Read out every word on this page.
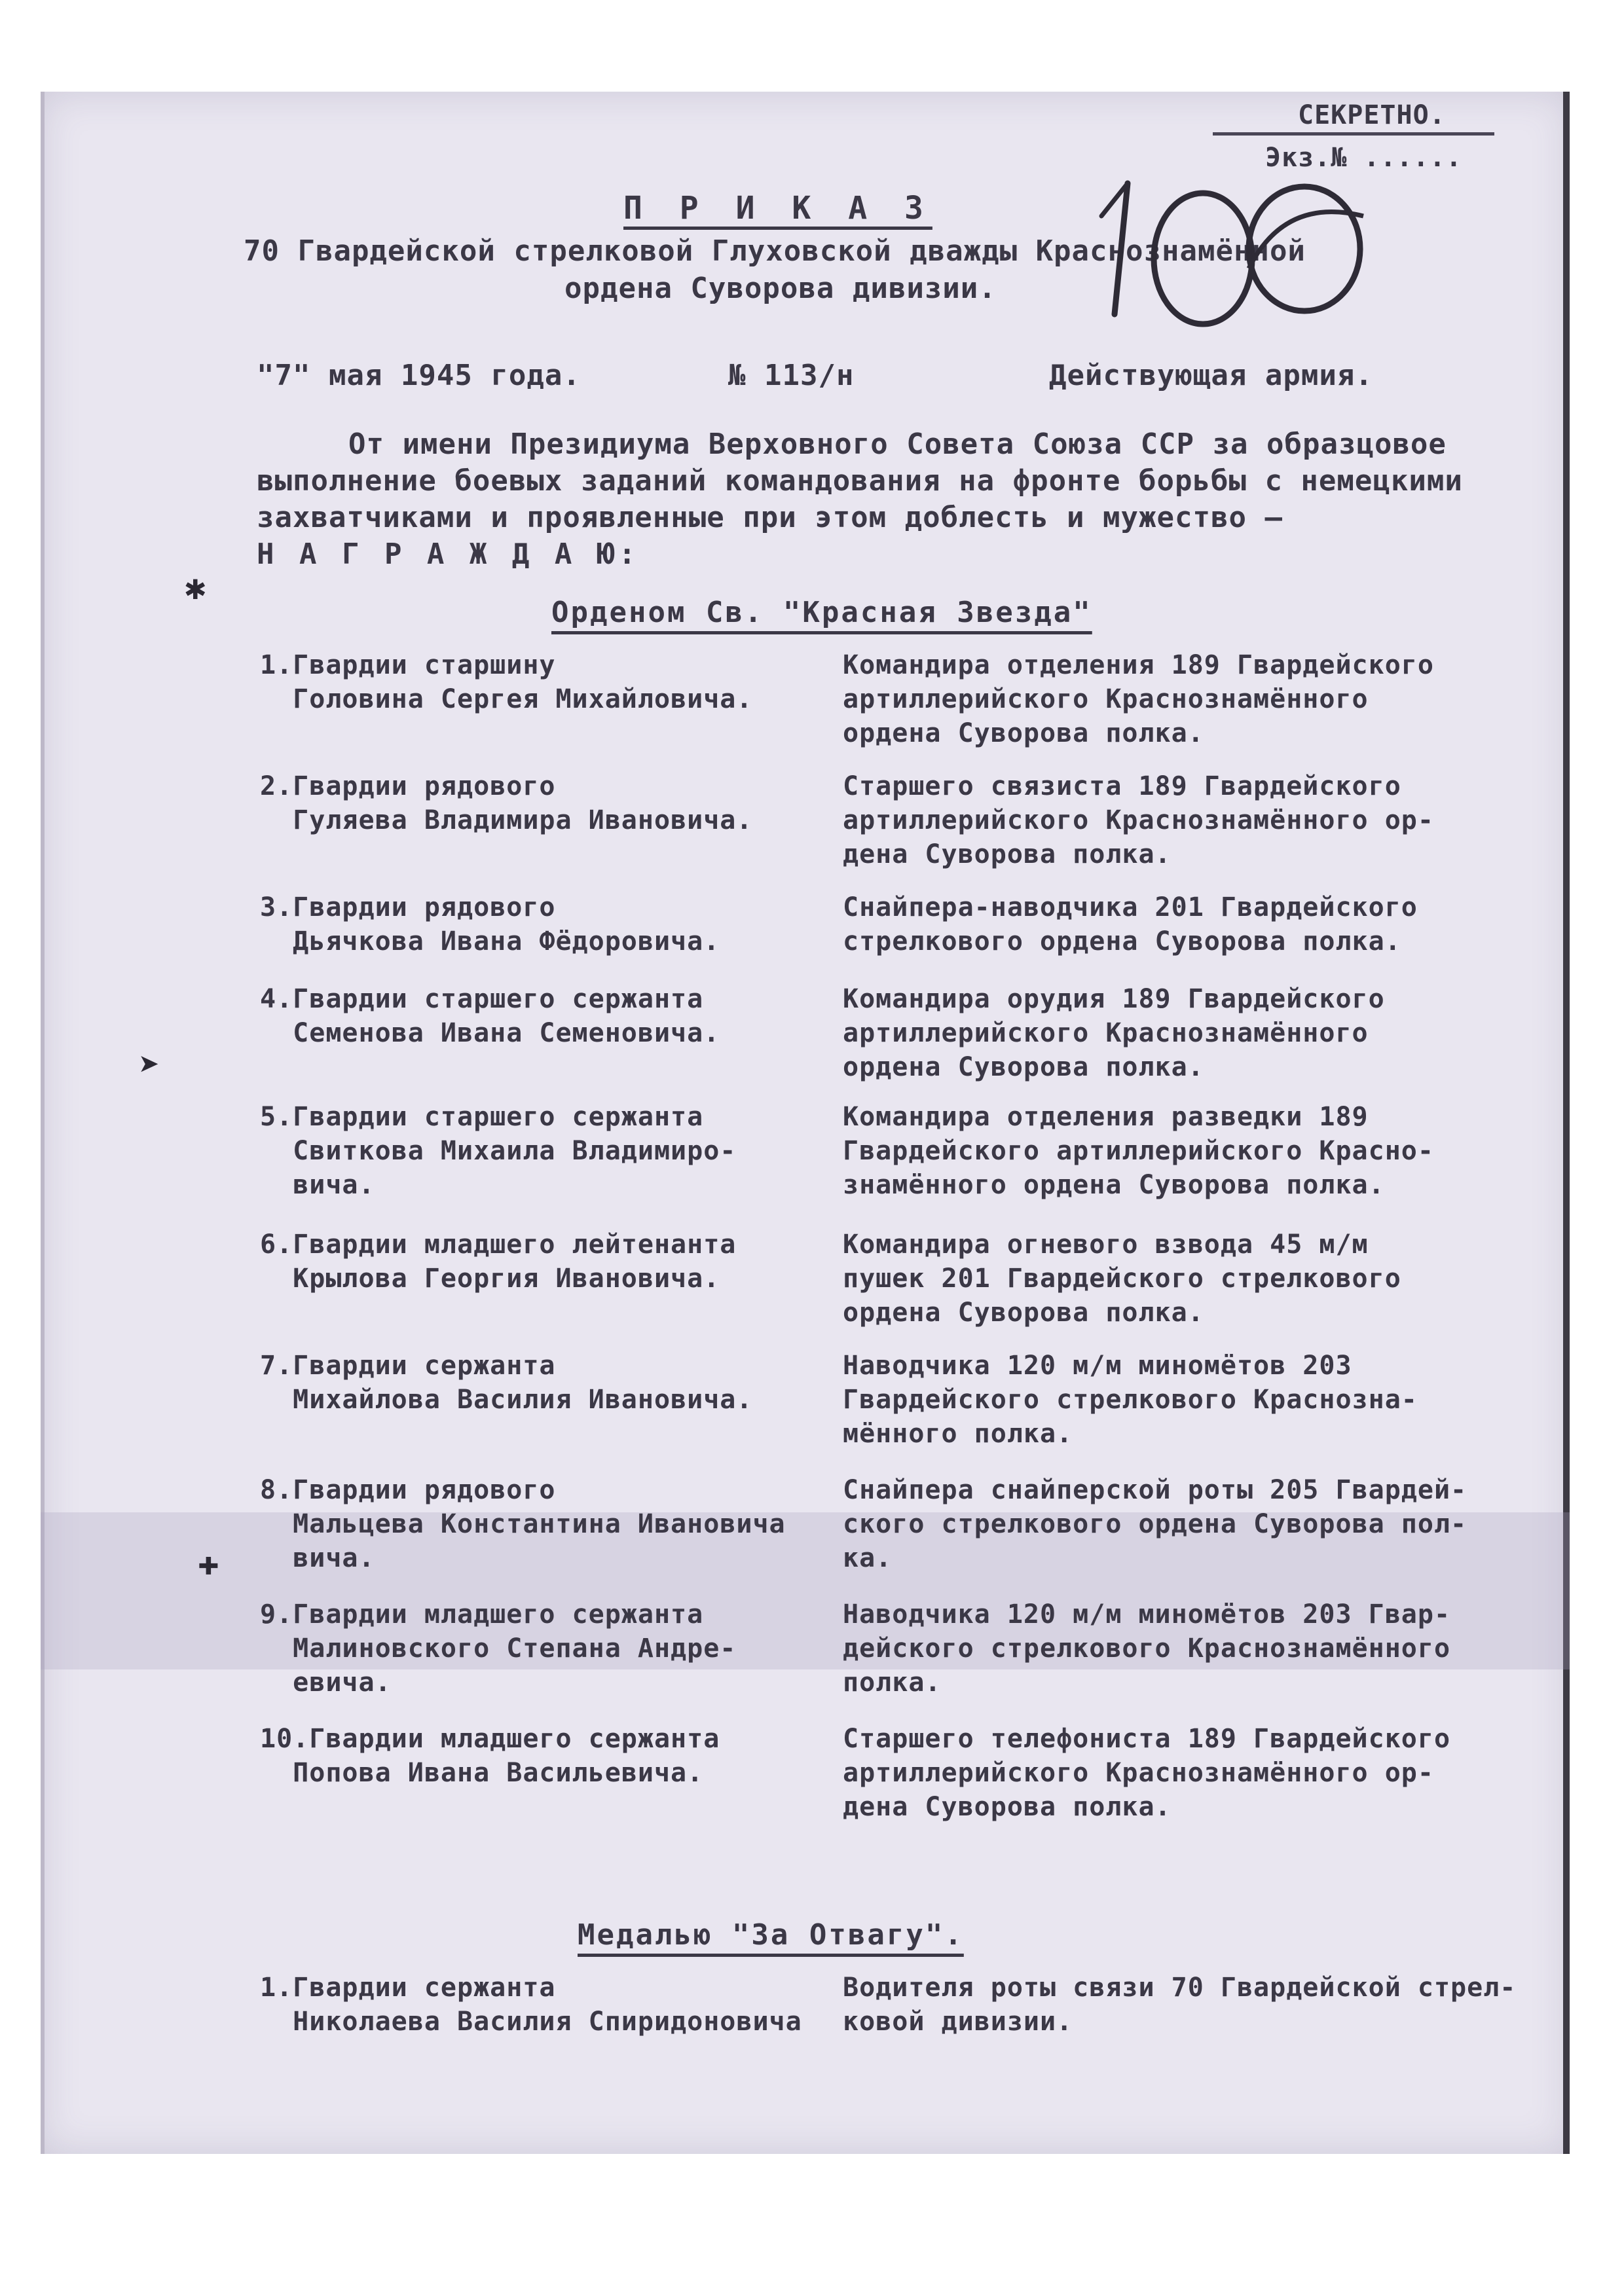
СЕКРЕТНО.
Экз.№ ......
П Р И К А З
70 Гвардейской стрелковой Глуховской дважды Краснознамённой
ордена Суворова дивизии.
"7" мая 1945 года.	№ 113/н	Действующая армия.
От имени Президиума Верховного Совета Союза ССР за образцовое
выполнение боевых заданий командования на фронте борьбы с немецкими
захватчиками и проявленные при этом доблесть и мужество —
Н А Г Р А Ж Д А Ю:
Орденом Св. "Красная Звезда"
1.Гвардии старшину
Головина Сергея Михайловича.
Командира отделения 189 Гвардейского
артиллерийского Краснознамённого
ордена Суворова полка.
2.Гвардии рядового
Гуляева Владимира Ивановича.
Старшего связиста 189 Гвардейского
артиллерийского Краснознамённого ор-
дена Суворова полка.
3.Гвардии рядового
Дьячкова Ивана Фёдоровича.
Снайпера-наводчика 201 Гвардейского
стрелкового ордена Суворова полка.
4.Гвардии старшего сержанта
Семенова Ивана Семеновича.
Командира орудия 189 Гвардейского
артиллерийского Краснознамённого
ордена Суворова полка.
5.Гвардии старшего сержанта
Свиткова Михаила Владимиро-
вича.
Командира отделения разведки 189
Гвардейского артиллерийского Красно-
знамённого ордена Суворова полка.
6.Гвардии младшего лейтенанта
Крылова Георгия Ивановича.
Командира огневого взвода 45 м/м
пушек 201 Гвардейского стрелкового
ордена Суворова полка.
7.Гвардии сержанта
Михайлова Василия Ивановича.
Наводчика 120 м/м миномётов 203
Гвардейского стрелкового Краснозна-
мённого полка.
8.Гвардии рядового
Мальцева Константина Ивановича
вича.
Снайпера снайперской роты 205 Гвардей-
ского стрелкового ордена Суворова пол-
ка.
9.Гвардии младшего сержанта
Малиновского Степана Андре-
евича.
Наводчика 120 м/м миномётов 203 Гвар-
дейского стрелкового Краснознамённого
полка.
10.Гвардии младшего сержанта
Попова Ивана Васильевича.
Старшего телефониста 189 Гвардейского
артиллерийского Краснознамённого ор-
дена Суворова полка.
Медалью "За Отвагу".
1.Гвардии сержанта
Николаева Василия Спиридоновича
Водителя роты связи 70 Гвардейской стрел-
ковой дивизии.
✱
➤
✚
